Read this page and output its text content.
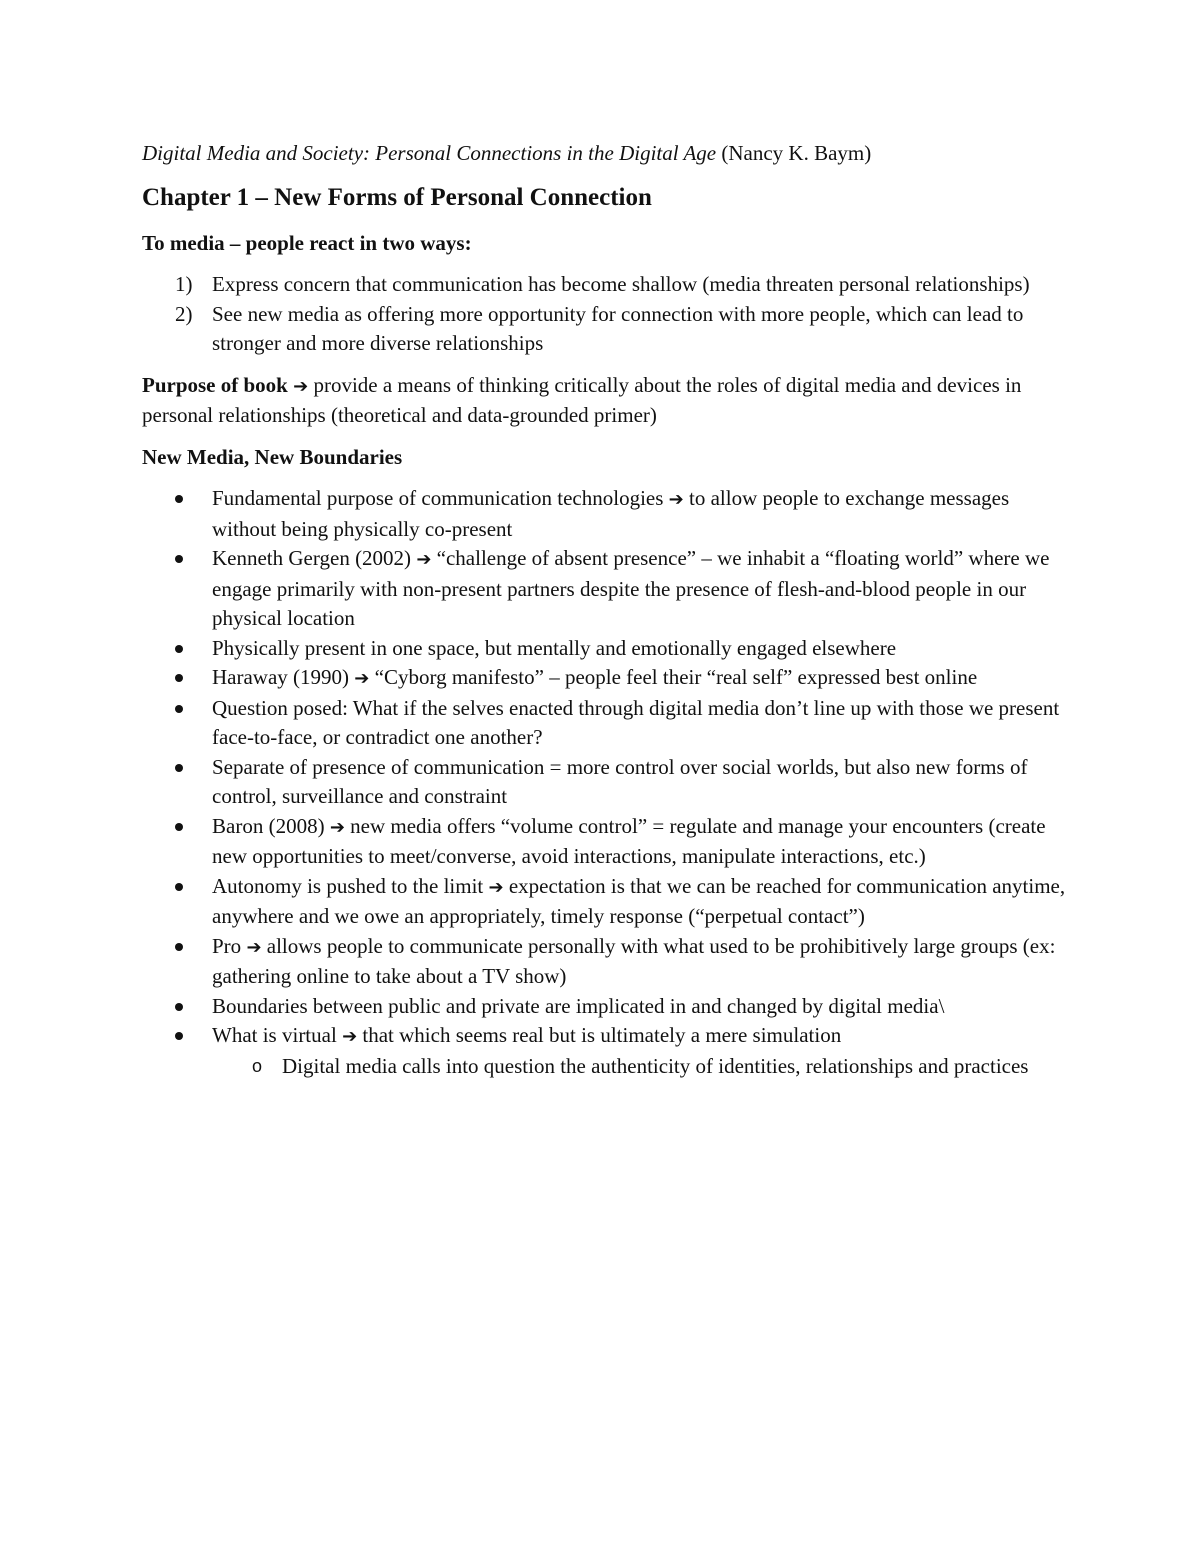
Digital Media and Society: Personal Connections in the Digital Age (Nancy K. Baym)
Chapter 1 – New Forms of Personal Connection

To media – people react in two ways:

1) Express concern that communication has become shallow (media threaten personal relationships)
2) See new media as offering more opportunity for connection with more people, which can lead to stronger and more diverse relationships

Purpose of book ➔ provide a means of thinking critically about the roles of digital media and devices in personal relationships (theoretical and data-grounded primer)

New Media, New Boundaries

Fundamental purpose of communication technologies ➔ to allow people to exchange messages without being physically co-present
Kenneth Gergen (2002) ➔ “challenge of absent presence” – we inhabit a “floating world” where we engage primarily with non-present partners despite the presence of flesh-and-blood people in our physical location
Physically present in one space, but mentally and emotionally engaged elsewhere
Haraway (1990) ➔ “Cyborg manifesto” – people feel their “real self” expressed best online
Question posed: What if the selves enacted through digital media don’t line up with those we present face-to-face, or contradict one another?
Separate of presence of communication = more control over social worlds, but also new forms of control, surveillance and constraint
Baron (2008) ➔ new media offers “volume control” = regulate and manage your encounters (create new opportunities to meet/converse, avoid interactions, manipulate interactions, etc.)
Autonomy is pushed to the limit ➔ expectation is that we can be reached for communication anytime, anywhere and we owe an appropriately, timely response (“perpetual contact”)
Pro ➔ allows people to communicate personally with what used to be prohibitively large groups (ex: gathering online to take about a TV show)
Boundaries between public and private are implicated in and changed by digital media\
What is virtual ➔ that which seems real but is ultimately a mere simulation
o Digital media calls into question the authenticity of identities, relationships and practices
